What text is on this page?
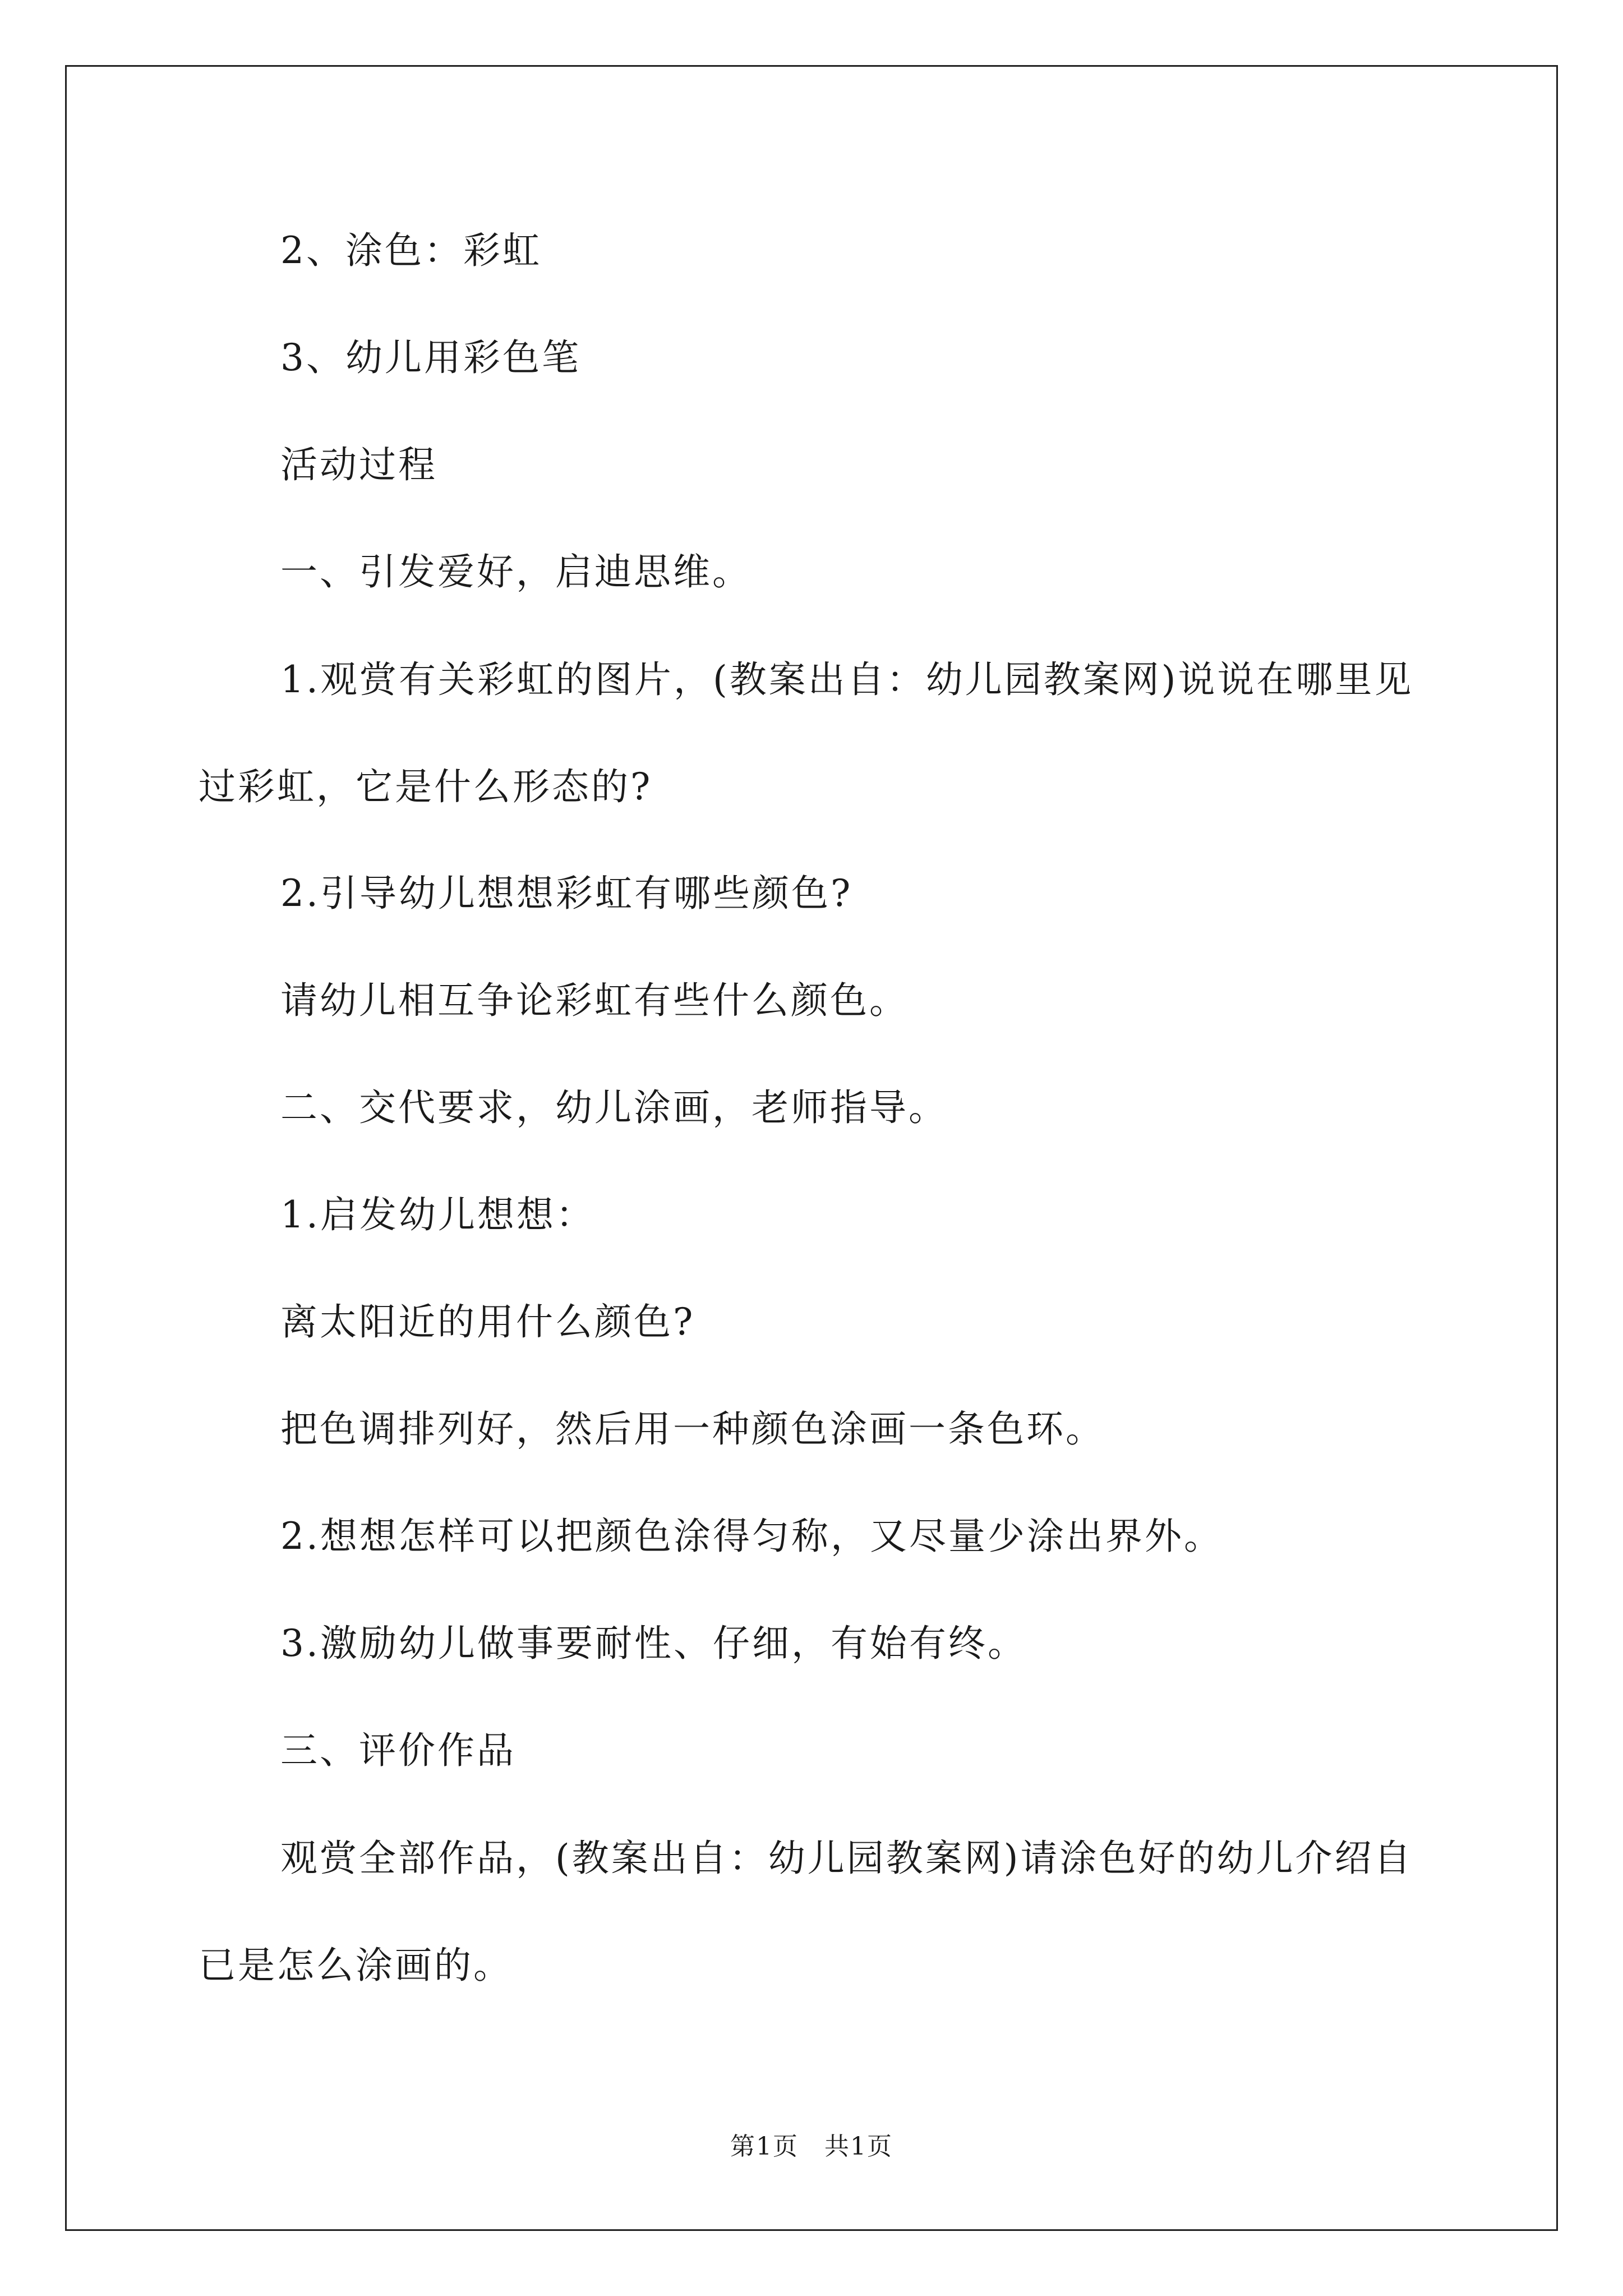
2、涂色：彩虹
3、幼儿用彩色笔
活动过程
一、引发爱好，启迪思维。
1.观赏有关彩虹的图片，(教案出自：幼儿园教案网)说说在哪里见过彩虹，它是什么形态的?
2.引导幼儿想想彩虹有哪些颜色?
请幼儿相互争论彩虹有些什么颜色。
二、交代要求，幼儿涂画，老师指导。
1.启发幼儿想想：
离太阳近的用什么颜色?
把色调排列好，然后用一种颜色涂画一条色环。
2.想想怎样可以把颜色涂得匀称，又尽量少涂出界外。
3.激励幼儿做事要耐性、仔细，有始有终。
三、评价作品
观赏全部作品，(教案出自：幼儿园教案网)请涂色好的幼儿介绍自已是怎么涂画的。
第1页　共1页
